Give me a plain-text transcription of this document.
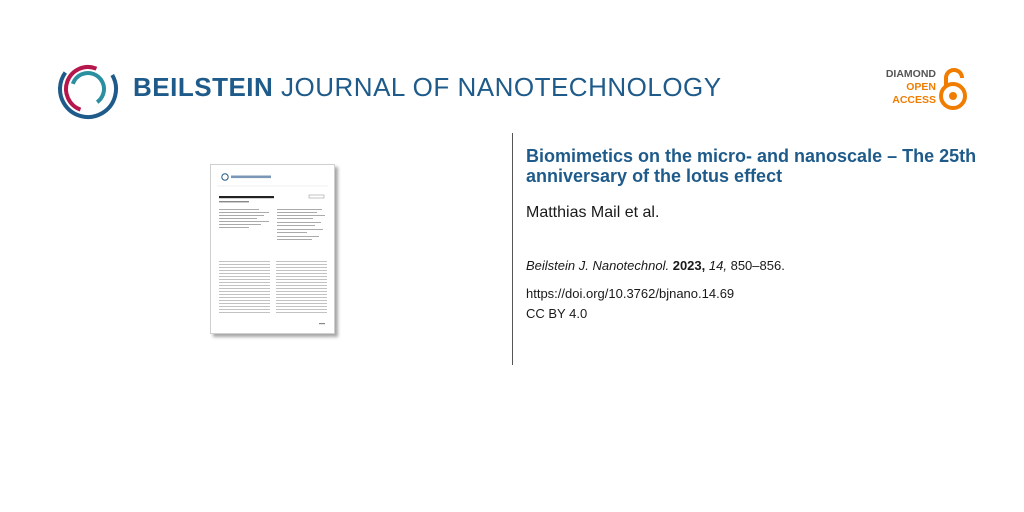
BEILSTEIN JOURNAL OF NANOTECHNOLOGY	DIAMOND
OPEN
ACCESS
Biomimetics on the micro- and nanoscale – The 25th anniversary of the lotus effect
Matthias Mail et al.
Beilstein J. Nanotechnol. 2023, 14, 850–856.
https://doi.org/10.3762/bjnano.14.69
CC BY 4.0
